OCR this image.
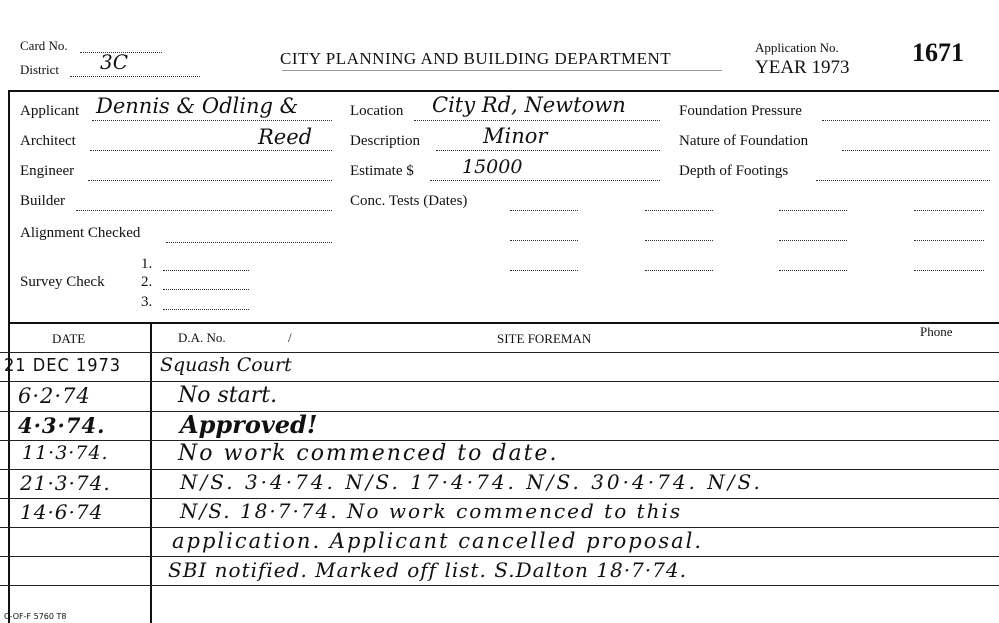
Card No.
District 3C	CITY PLANNING AND BUILDING DEPARTMENT
Application No.
YEAR 1973
1671
Applicant Dennis & Odling &
Architect	Reed
Engineer
Builder
Alignment Checked
Survey Check
1.
2.
3.
Location City Rd, Newtown
Description	Minor
Estimate $	15000
Conc. Tests (Dates)
Foundation Pressure
Nature of Foundation
Depth of Footings
DATE	D.A. No.	/	SITE FOREMAN	Phone
21 DEC 1973 Squash Court
6·2·74	No start.
4·3·74.	Approved!
11·3·74.	No work commenced to date.
21·3·74.	N/S. 3·4·74. N/S. 17·4·74. N/S. 30·4·74. N/S.
14·6·74	N/S. 18·7·74. No work commenced to this
application. Applicant cancelled proposal.
SBI notified. Marked off list. S.Dalton 18·7·74.
C-OF-F 5760 T8
